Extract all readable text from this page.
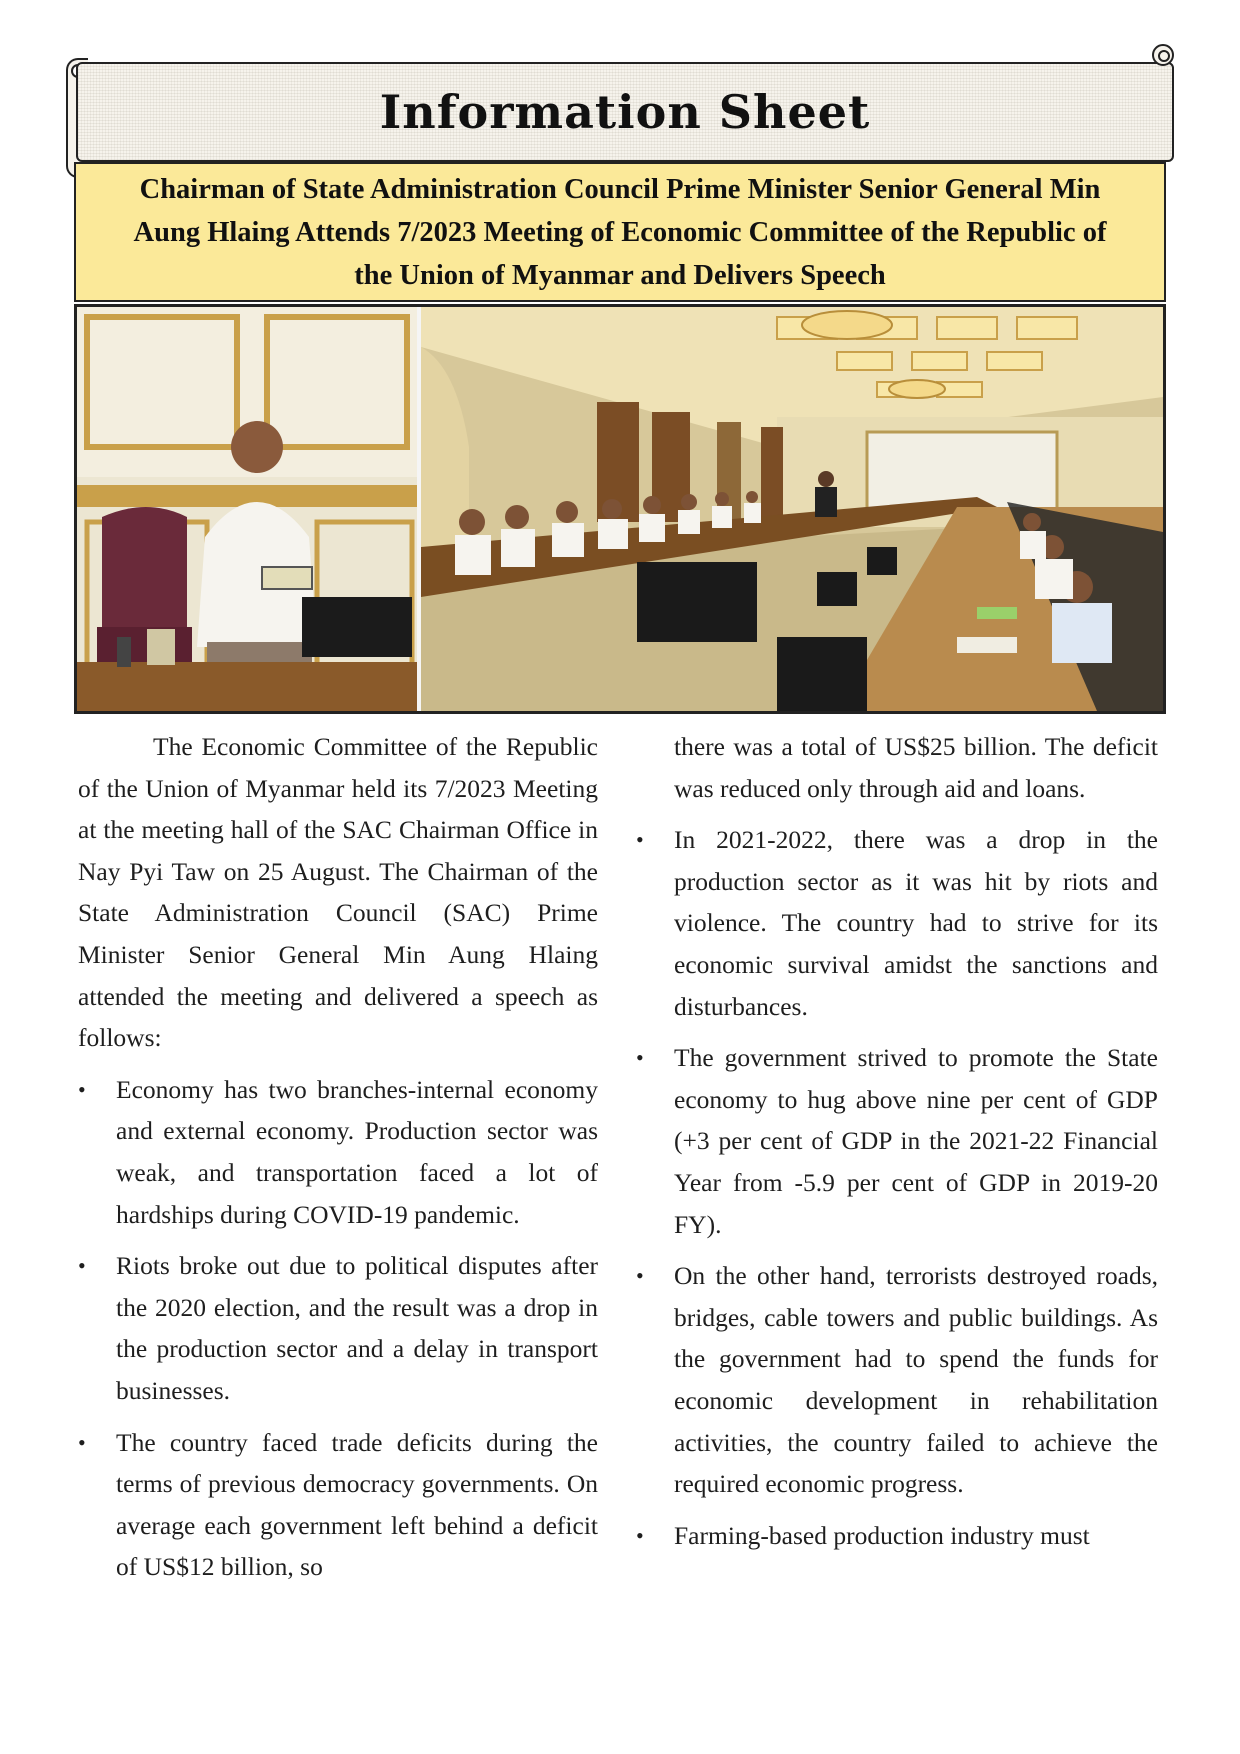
Information Sheet
Chairman of State Administration Council Prime Minister Senior General Min Aung Hlaing Attends 7/2023 Meeting of Economic Committee of the Republic of the Union of Myanmar and Delivers Speech

The Economic Committee of the Republic of the Union of Myanmar held its 7/2023 Meeting at the meeting hall of the SAC Chairman Office in Nay Pyi Taw on 25 August. The Chairman of the State Administration Council (SAC) Prime Minister Senior General Min Aung Hlaing attended the meeting and delivered a speech as follows:

• Economy has two branches-internal economy and external economy. Production sector was weak, and transportation faced a lot of hardships during COVID-19 pandemic.
• Riots broke out due to political disputes after the 2020 election, and the result was a drop in the production sector and a delay in transport businesses.
• The country faced trade deficits during the terms of previous democracy governments. On average each government left behind a deficit of US$12 billion, so

there was a total of US$25 billion. The deficit was reduced only through aid and loans.

• In 2021-2022, there was a drop in the production sector as it was hit by riots and violence. The country had to strive for its economic survival amidst the sanctions and disturbances.
• The government strived to promote the State economy to hug above nine per cent of GDP (+3 per cent of GDP in the 2021-22 Financial Year from -5.9 per cent of GDP in 2019-20 FY).
• On the other hand, terrorists destroyed roads, bridges, cable towers and public buildings. As the government had to spend the funds for economic development in rehabilitation activities, the country failed to achieve the required economic progress.
• Farming-based production industry must
